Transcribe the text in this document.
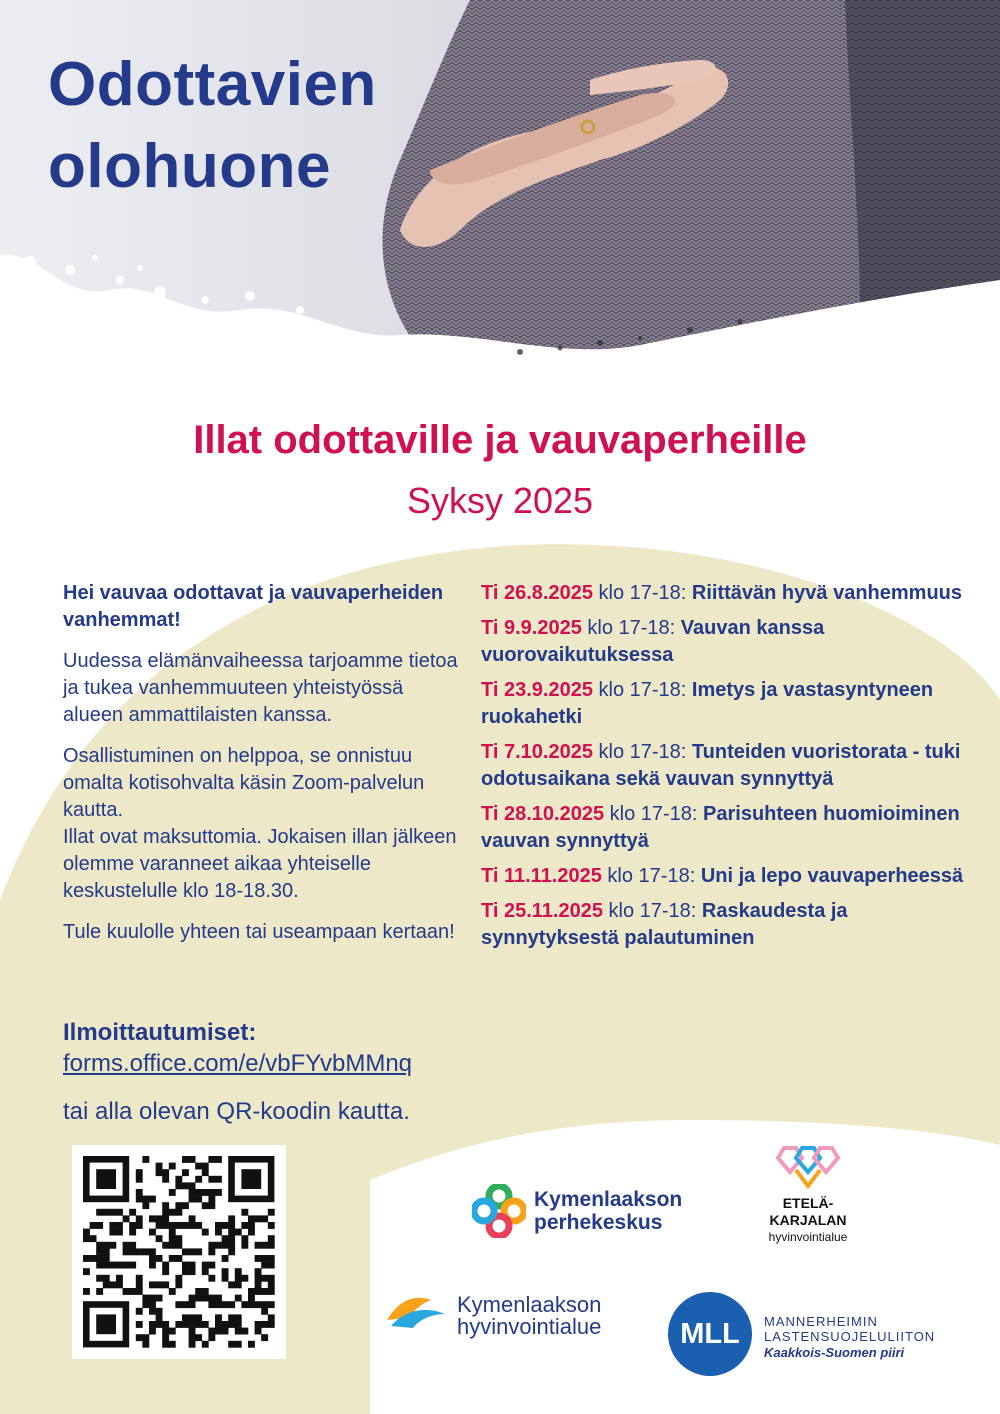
Odottavien
olohuone
Illat odottaville ja vauvaperheille
Syksy 2025

Hei vauvaa odottavat ja vauvaperheiden vanhemmat!

Uudessa elämänvaiheessa tarjoamme tietoa ja tukea vanhemmuuteen yhteistyössä alueen ammattilaisten kanssa.

Osallistuminen on helppoa, se onnistuu omalta kotisohvalta käsin Zoom-palvelun kautta.
Illat ovat maksuttomia. Jokaisen illan jälkeen olemme varanneet aikaa yhteiselle keskustelulle klo 18-18.30.

Tule kuulolle yhteen tai useampaan kertaan!

Ilmoittautumiset:
forms.office.com/e/vbFYvbMMnq
tai alla olevan QR-koodin kautta.
Ti 26.8.2025 klo 17-18: Riittävän hyvä vanhemmuus
Ti 9.9.2025 klo 17-18: Vauvan kanssa vuorovaikutuksessa
Ti 23.9.2025 klo 17-18: Imetys ja vastasyntyneen ruokahetki
Ti 7.10.2025 klo 17-18: Tunteiden vuoristorata - tuki odotusaikana sekä vauvan synnyttyä
Ti 28.10.2025 klo 17-18: Parisuhteen huomioiminen vauvan synnyttyä
Ti 11.11.2025 klo 17-18: Uni ja lepo vauvaperheessä
Ti 25.11.2025 klo 17-18: Raskaudesta ja synnytyksestä palautuminen
Kymenlaakson
perhekeskus
ETELÄ-
KARJALAN
hyvinvointialue
Kymenlaakson
hyvinvointialue	MLL	MANNERHEIMIN
LASTENSUOJELULIITON
Kaakkois-Suomen piiri
